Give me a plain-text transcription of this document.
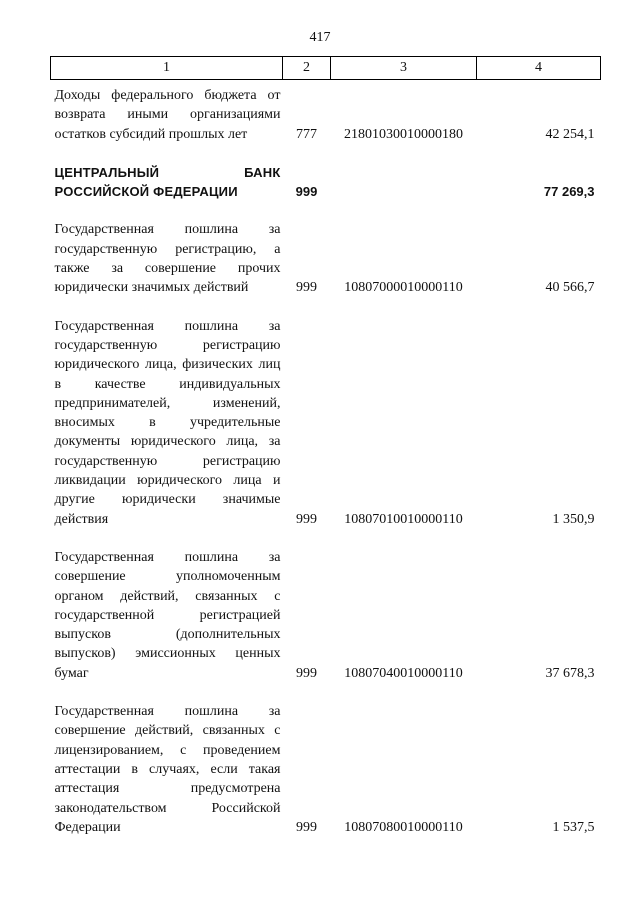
417
1	2	3	4
Доходы федерального бюджета от возврата иными организациями остатков субсидий прошлых лет	777	21801030010000180	42 254,1
ЦЕНТРАЛЬНЫЙ БАНК РОССИЙСКОЙ ФЕДЕРАЦИИ	999		77 269,3
Государственная пошлина за государственную регистрацию, а также за совершение прочих юридически значимых действий	999	10807000010000110	40 566,7
Государственная пошлина за государственную регистрацию юридического лица, физических лиц в качестве индивидуальных предпринимателей, изменений, вносимых в учредительные документы юридического лица, за государственную регистрацию ликвидации юридического лица и другие юридически значимые действия	999	10807010010000110	1 350,9
Государственная пошлина за совершение уполномоченным органом действий, связанных с государственной регистрацией выпусков (дополнительных выпусков) эмиссионных ценных бумаг	999	10807040010000110	37 678,3
Государственная пошлина за совершение действий, связанных с лицензированием, с проведением аттестации в случаях, если такая аттестация предусмотрена законодательством Российской Федерации	999	10807080010000110	1 537,5
